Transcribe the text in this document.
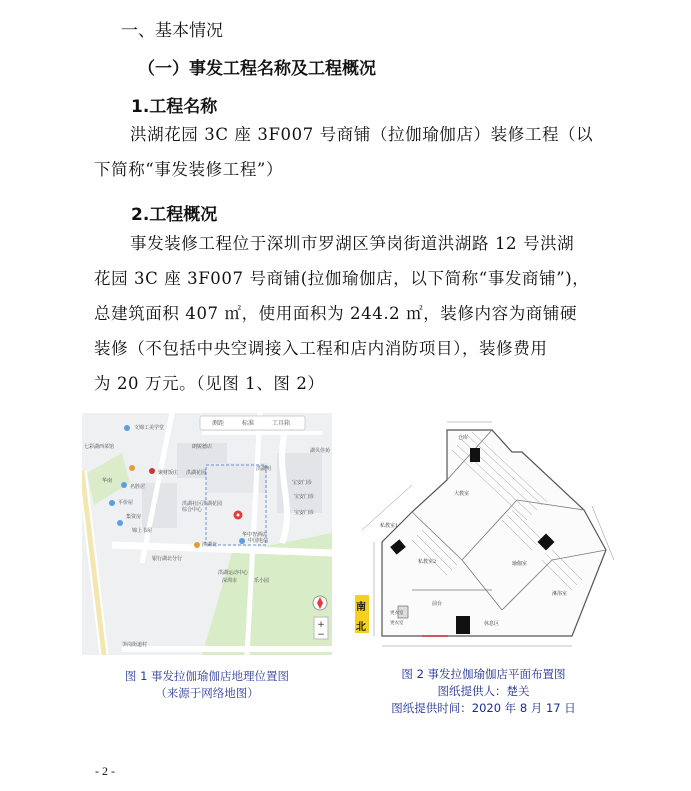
一、基本情况
（一）事发工程名称及工程概况
1.工程名称
洪湖花园 3C 座 3F007 号商铺（拉伽瑜伽店）装修工程（以
下简称“事发装修工程”）
2.工程概况
事发装修工程位于深圳市罗湖区笋岗街道洪湖路 12 号洪湖
花园 3C 座 3F007 号商铺(拉伽瑜伽店，以下简称“事发商铺”)，
总建筑面积 407 ㎡，使用面积为 244.2 ㎡，装修内容为商铺硬
装修（不包括中央空调接入工程和店内消防项目），装修费用
为 20 万元。（见图 1、图 2）
+
−
测距	标准	工具箱
文锦工美学堂
七彩湖西菜馆	朗锐德店
聚财饭庄
名胜居
平价屋
集资房
洪湖社区洪湖花园综合中心
锦上书屋
洪湖花园
华中智酒店
湖贝佳苑
洪湖明
宝安门诊
宝安门诊
宝安门诊
洪湖北
中国电信
银行湖北分行
洪湖运动中心
深圳市
华南
乐小园
笋岗街道村
图 1 事发拉伽瑜伽店地理位置图
（来源于网络地图）
仓库
大教室
私教室1
私教室2
前台
休息区
瑜伽室
淋浴室
更衣室
更衣室
南
北
图 2 事发拉伽瑜伽店平面布置图
图纸提供人：楚关
图纸提供时间：2020 年 8 月 17 日
- 2 -
